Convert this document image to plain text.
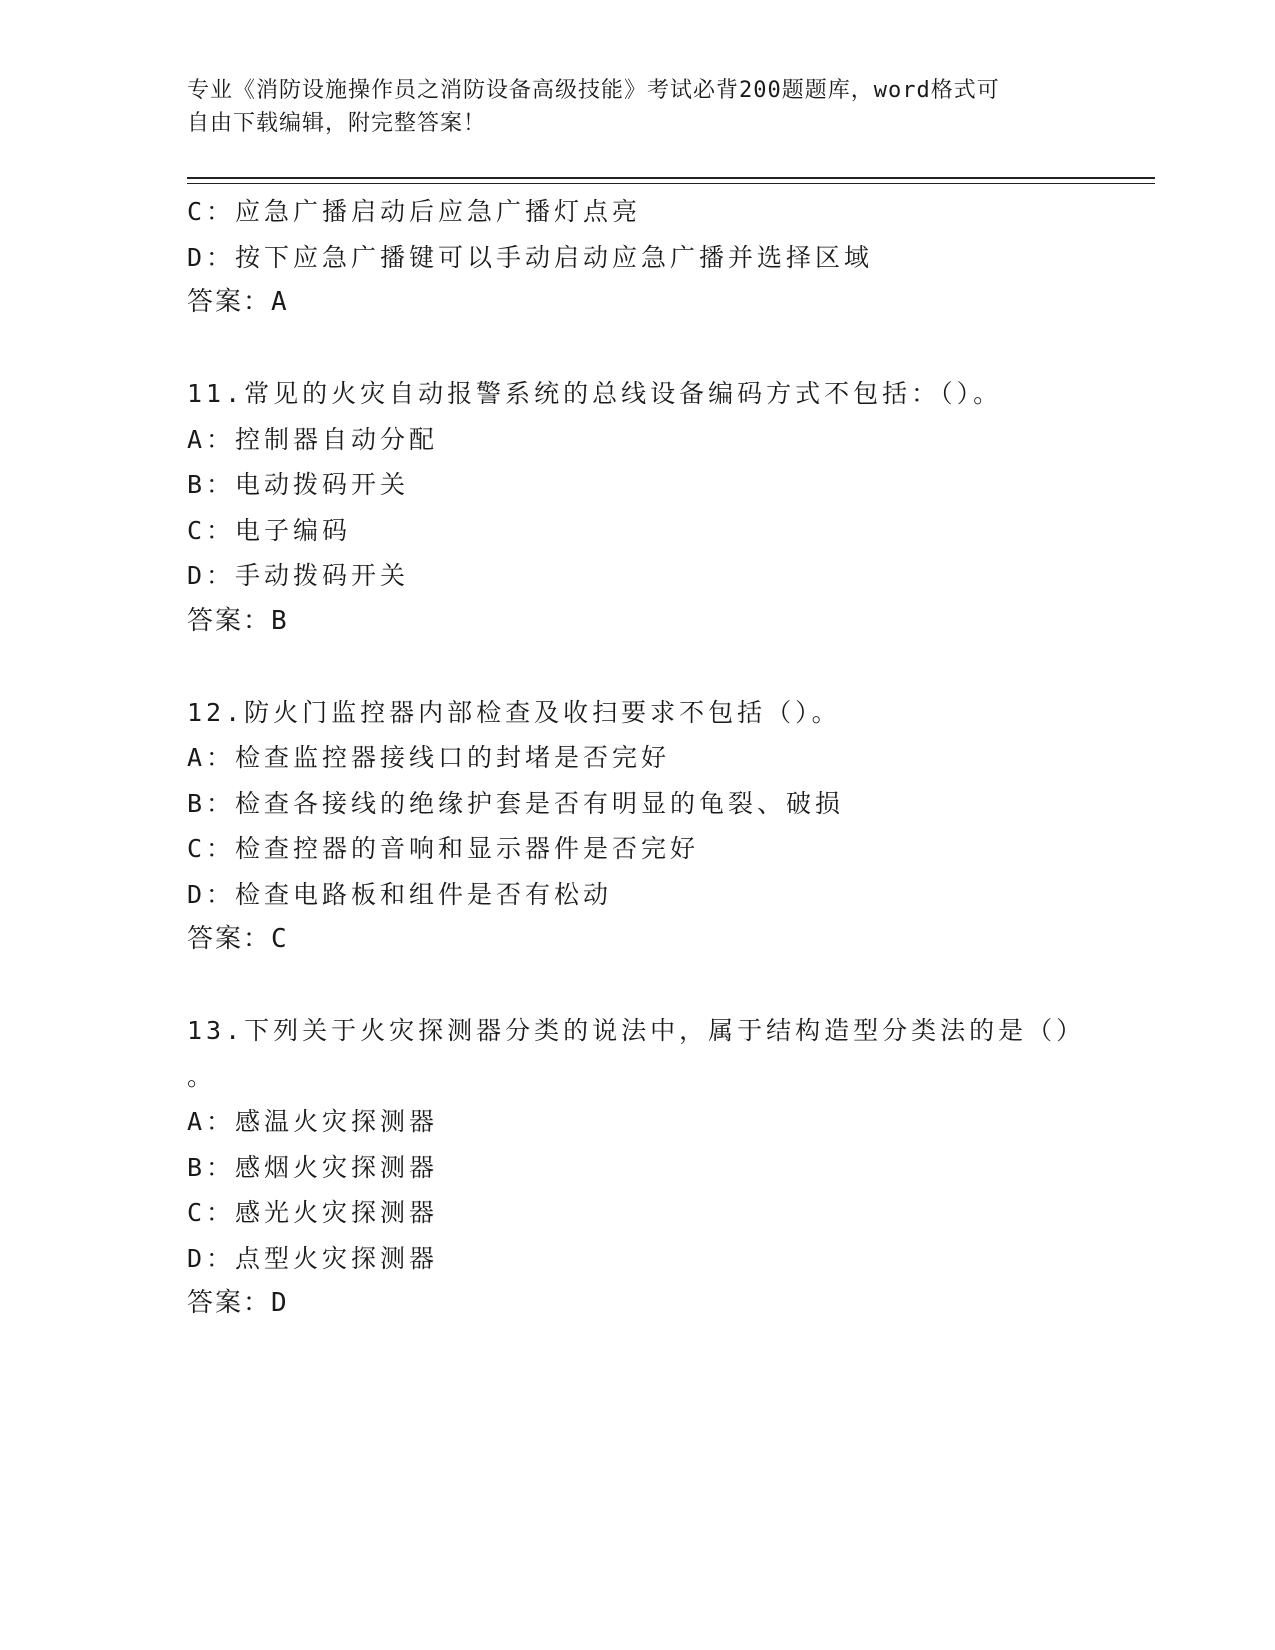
专业《消防设施操作员之消防设备高级技能》考试必背200题题库，word格式可
自由下载编辑，附完整答案！
C：应急广播启动后应急广播灯点亮
D：按下应急广播键可以手动启动应急广播并选择区域
答案：A
11.常见的火灾自动报警系统的总线设备编码方式不包括：（）。
A：控制器自动分配
B：电动拨码开关
C：电子编码
D：手动拨码开关
答案：B
12.防火门监控器内部检查及收扫要求不包括（）。
A：检查监控器接线口的封堵是否完好
B：检查各接线的绝缘护套是否有明显的龟裂、破损
C：检查控器的音响和显示器件是否完好
D：检查电路板和组件是否有松动
答案：C
13.下列关于火灾探测器分类的说法中，属于结构造型分类法的是（）
。
A：感温火灾探测器
B：感烟火灾探测器
C：感光火灾探测器
D：点型火灾探测器
答案：D
